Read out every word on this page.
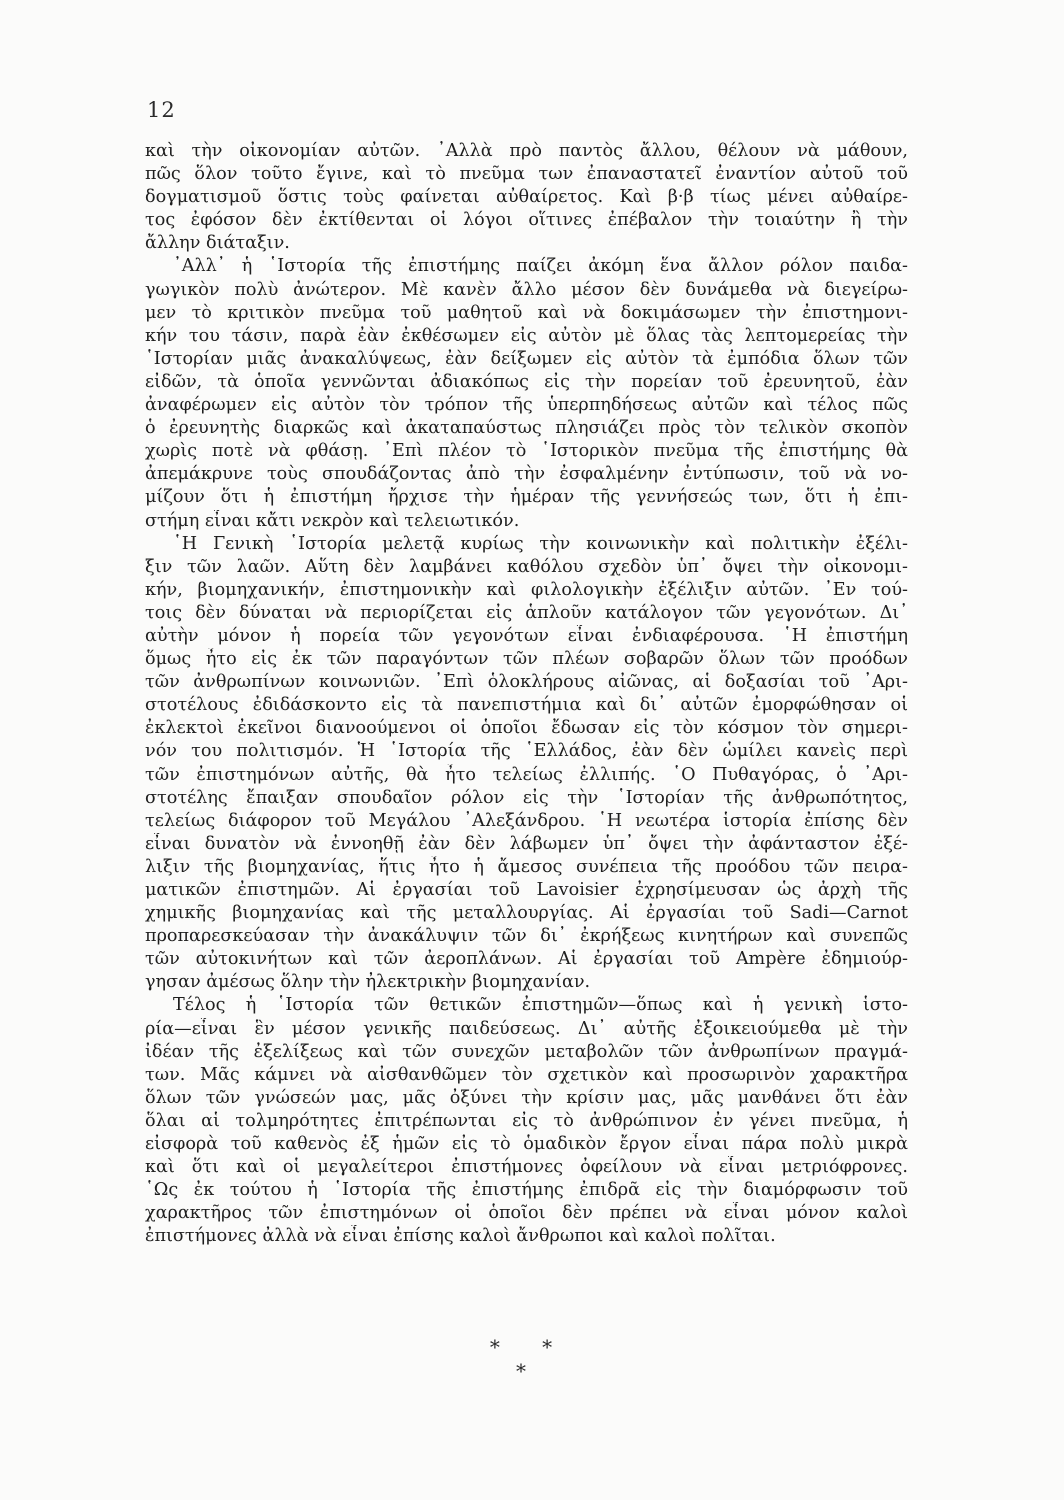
12
καὶ τὴν οἰκονομίαν αὐτῶν. ᾿Αλλὰ πρὸ παντὸς ἄλλου, θέλουν νὰ μάθουν,
πῶς ὅλον τοῦτο ἔγινε, καὶ τὸ πνεῦμα των ἐπαναστατεῖ ἐναντίον αὐτοῦ τοῦ
δογματισμοῦ ὅστις τοὺς φαίνεται αὐθαίρετος. Καὶ β·β τίως μένει αὐθαίρε-
τος ἐφόσον δὲν ἐκτίθενται οἱ λόγοι οἵτινες ἐπέβαλον τὴν τοιαύτην ἢ τὴν
ἄλλην διάταξιν.
᾿Αλλ᾿ ἡ ῾Ιστορία τῆς ἐπιστήμης παίζει ἀκόμη ἕνα ἄλλον ρόλον παιδα-
γωγικὸν πολὺ ἀνώτερον. Μὲ κανὲν ἄλλο μέσον δὲν δυνάμεθα νὰ διεγείρω-
μεν τὸ κριτικὸν πνεῦμα τοῦ μαθητοῦ καὶ νὰ δοκιμάσωμεν τὴν ἐπιστημονι-
κήν του τάσιν, παρὰ ἐὰν ἐκθέσωμεν εἰς αὐτὸν μὲ ὅλας τὰς λεπτομερείας τὴν
῾Ιστορίαν μιᾶς ἀνακαλύψεως, ἐὰν δείξωμεν εἰς αὐτὸν τὰ ἐμπόδια ὅλων τῶν
εἰδῶν, τὰ ὁποῖα γεννῶνται ἀδιακόπως εἰς τὴν πορείαν τοῦ ἐρευνητοῦ, ἐὰν
ἀναφέρωμεν εἰς αὐτὸν τὸν τρόπον τῆς ὑπερπηδήσεως αὐτῶν καὶ τέλος πῶς
ὁ ἐρευνητὴς διαρκῶς καὶ ἀκαταπαύστως πλησιάζει πρὸς τὸν τελικὸν σκοπὸν
χωρὶς ποτὲ νὰ φθάσῃ. ᾿Επὶ πλέον τὸ ῾Ιστορικὸν πνεῦμα τῆς ἐπιστήμης θὰ
ἀπεμάκρυνε τοὺς σπουδάζοντας ἀπὸ τὴν ἐσφαλμένην ἐντύπωσιν, τοῦ νὰ νο-
μίζουν ὅτι ἡ ἐπιστήμη ἤρχισε τὴν ἡμέραν τῆς γεννήσεώς των, ὅτι ἡ ἐπι-
στήμη εἶναι κἄτι νεκρὸν καὶ τελειωτικόν.
῾Η Γενικὴ ῾Ιστορία μελετᾷ κυρίως τὴν κοινωνικὴν καὶ πολιτικὴν ἐξέλι-
ξιν τῶν λαῶν. Αὕτη δὲν λαμβάνει καθόλου σχεδὸν ὑπ᾿ ὄψει τὴν οἰκονομι-
κήν, βιομηχανικήν, ἐπιστημονικὴν καὶ φιλολογικὴν ἐξέλιξιν αὐτῶν. ᾿Εν τού-
τοις δὲν δύναται νὰ περιορίζεται εἰς ἁπλοῦν κατάλογον τῶν γεγονότων. Δι᾿
αὐτὴν μόνον ἡ πορεία τῶν γεγονότων εἶναι ἐνδιαφέρουσα. ῾Η ἐπιστήμη
ὅμως ἦτο εἰς ἐκ τῶν παραγόντων τῶν πλέων σοβαρῶν ὅλων τῶν προόδων
τῶν ἀνθρωπίνων κοινωνιῶν. ᾿Επὶ ὁλοκλήρους αἰῶνας, αἱ δοξασίαι τοῦ ᾿Αρι-
στοτέλους ἐδιδάσκοντο εἰς τὰ πανεπιστήμια καὶ δι᾿ αὐτῶν ἐμορφώθησαν οἱ
ἐκλεκτοὶ ἐκεῖνοι διανοούμενοι οἱ ὁποῖοι ἔδωσαν εἰς τὸν κόσμον τὸν σημερι-
νόν του πολιτισμόν. Ἡ ῾Ιστορία τῆς ῾Ελλάδος, ἐὰν δὲν ὡμίλει κανεὶς περὶ
τῶν ἐπιστημόνων αὐτῆς, θὰ ἦτο τελείως ἐλλιπής. ῾Ο Πυθαγόρας, ὁ ᾿Αρι-
στοτέλης ἔπαιξαν σπουδαῖον ρόλον εἰς τὴν ῾Ιστορίαν τῆς ἀνθρωπότητος,
τελείως διάφορον τοῦ Μεγάλου ᾿Αλεξάνδρου. ῾Η νεωτέρα ἱστορία ἐπίσης δὲν
εἶναι δυνατὸν νὰ ἐννοηθῇ ἐὰν δὲν λάβωμεν ὑπ᾿ ὄψει τὴν ἀφάνταστον ἐξέ-
λιξιν τῆς βιομηχανίας, ἥτις ἦτο ἡ ἄμεσος συνέπεια τῆς προόδου τῶν πειρα-
ματικῶν ἐπιστημῶν. Αἱ ἐργασίαι τοῦ Lavoisier ἐχρησίμευσαν ὡς ἀρχὴ τῆς
χημικῆς βιομηχανίας καὶ τῆς μεταλλουργίας. Αἱ ἐργασίαι τοῦ Sadi—Carnot
προπαρεσκεύασαν τὴν ἀνακάλυψιν τῶν δι᾿ ἐκρήξεως κινητήρων καὶ συνεπῶς
τῶν αὐτοκινήτων καὶ τῶν ἀεροπλάνων. Αἱ ἐργασίαι τοῦ Ampère ἐδημιούρ-
γησαν ἀμέσως ὅλην τὴν ἠλεκτρικὴν βιομηχανίαν.
Τέλος ἡ ῾Ιστορία τῶν θετικῶν ἐπιστημῶν—ὅπως καὶ ἡ γενικὴ ἱστο-
ρία—εἶναι ἓν μέσον γενικῆς παιδεύσεως. Δι᾿ αὐτῆς ἐξοικειούμεθα μὲ τὴν
ἰδέαν τῆς ἐξελίξεως καὶ τῶν συνεχῶν μεταβολῶν τῶν ἀνθρωπίνων πραγμά-
των. Μᾶς κάμνει νὰ αἰσθανθῶμεν τὸν σχετικὸν καὶ προσωρινὸν χαρακτῆρα
ὅλων τῶν γνώσεών μας, μᾶς ὀξύνει τὴν κρίσιν μας, μᾶς μανθάνει ὅτι ἐὰν
ὅλαι αἱ τολμηρότητες ἐπιτρέπωνται εἰς τὸ ἀνθρώπινον ἐν γένει πνεῦμα, ἡ
εἰσφορὰ τοῦ καθενὸς ἐξ ἡμῶν εἰς τὸ ὁμαδικὸν ἔργον εἶναι πάρα πολὺ μικρὰ
καὶ ὅτι καὶ οἱ μεγαλείτεροι ἐπιστήμονες ὀφείλουν νὰ εἶναι μετριόφρονες.
῾Ως ἐκ τούτου ἡ ῾Ιστορία τῆς ἐπιστήμης ἐπιδρᾶ εἰς τὴν διαμόρφωσιν τοῦ
χαρακτῆρος τῶν ἐπιστημόνων οἱ ὁποῖοι δὲν πρέπει νὰ εἶναι μόνον καλοὶ
ἐπιστήμονες ἀλλὰ νὰ εἶναι ἐπίσης καλοὶ ἄνθρωποι καὶ καλοὶ πολῖται.
* * *
